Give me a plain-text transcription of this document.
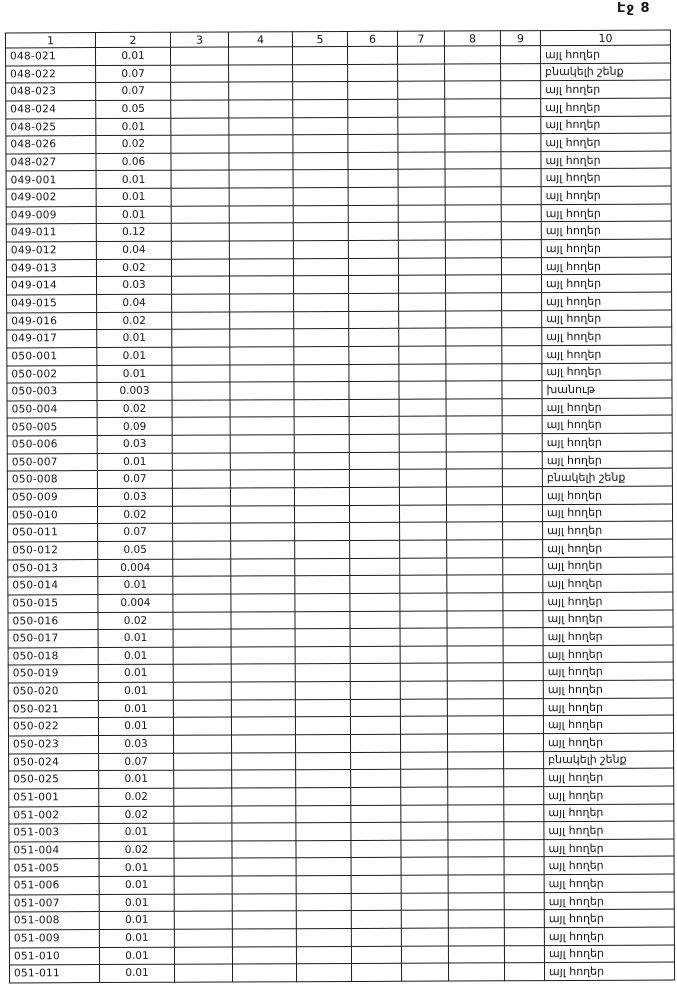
Էջ 8
1	2	3	4	5	6	7	8	9	10
048-021	0.01								այլ հողեր
048-022	0.07								բնակելի շենք
048-023	0.07								այլ հողեր
048-024	0.05								այլ հողեր
048-025	0.01								այլ հողեր
048-026	0.02								այլ հողեր
048-027	0.06								այլ հողեր
049-001	0.01								այլ հողեր
049-002	0.01								այլ հողեր
049-009	0.01								այլ հողեր
049-011	0.12								այլ հողեր
049-012	0.04								այլ հողեր
049-013	0.02								այլ հողեր
049-014	0.03								այլ հողեր
049-015	0.04								այլ հողեր
049-016	0.02								այլ հողեր
049-017	0.01								այլ հողեր
050-001	0.01								այլ հողեր
050-002	0.01								այլ հողեր
050-003	0.003								խանութ
050-004	0.02								այլ հողեր
050-005	0.09								այլ հողեր
050-006	0.03								այլ հողեր
050-007	0.01								այլ հողեր
050-008	0.07								բնակելի շենք
050-009	0.03								այլ հողեր
050-010	0.02								այլ հողեր
050-011	0.07								այլ հողեր
050-012	0.05								այլ հողեր
050-013	0.004								այլ հողեր
050-014	0.01								այլ հողեր
050-015	0.004								այլ հողեր
050-016	0.02								այլ հողեր
050-017	0.01								այլ հողեր
050-018	0.01								այլ հողեր
050-019	0.01								այլ հողեր
050-020	0.01								այլ հողեր
050-021	0.01								այլ հողեր
050-022	0.01								այլ հողեր
050-023	0.03								այլ հողեր
050-024	0.07								բնակելի շենք
050-025	0.01								այլ հողեր
051-001	0.02								այլ հողեր
051-002	0.02								այլ հողեր
051-003	0.01								այլ հողեր
051-004	0.02								այլ հողեր
051-005	0.01								այլ հողեր
051-006	0.01								այլ հողեր
051-007	0.01								այլ հողեր
051-008	0.01								այլ հողեր
051-009	0.01								այլ հողեր
051-010	0.01								այլ հողեր
051-011	0.01								այլ հողեր
